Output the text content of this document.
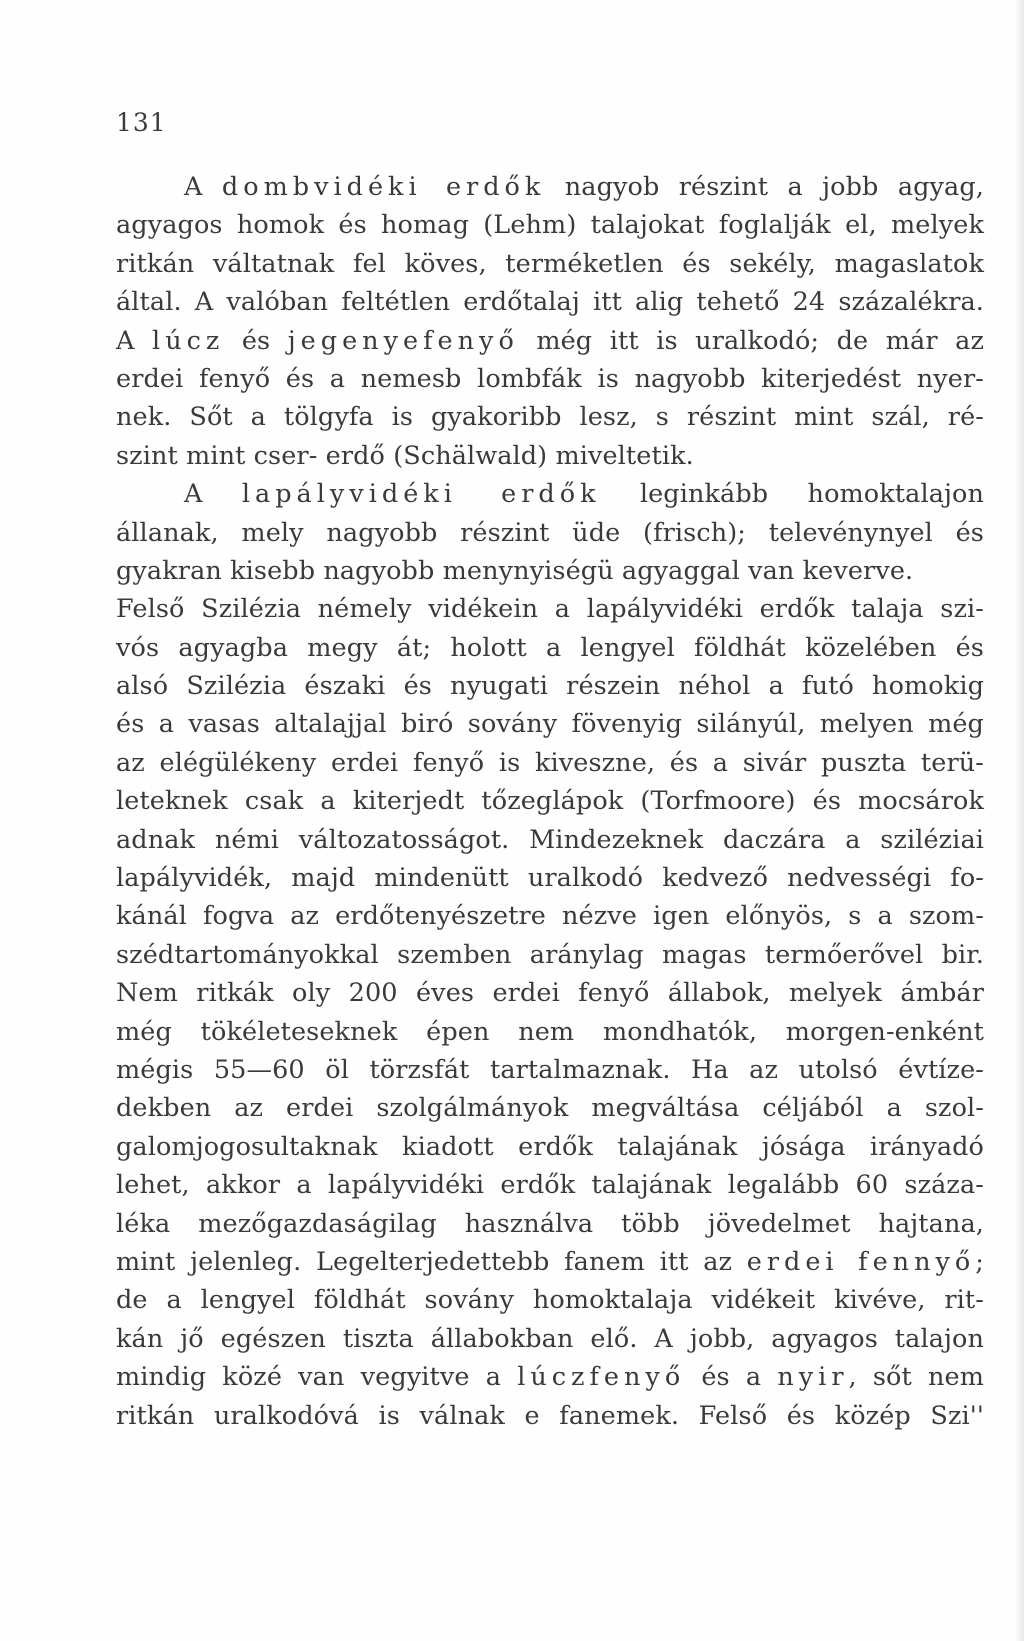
131
A dombvidéki erdők nagyob részint a jobb agyag,
agyagos homok és homag (Lehm) talajokat foglalják el, melyek
ritkán váltatnak fel köves, terméketlen és sekély, magaslatok
által. A valóban feltétlen erdőtalaj itt alig tehető 24 százalékra.
A lúcz és jegenyefenyő még itt is uralkodó; de már az
erdei fenyő és a nemesb lombfák is nagyobb kiterjedést nyer-
nek. Sőt a tölgyfa is gyakoribb lesz, s részint mint szál, ré-
szint mint cser- erdő (Schälwald) miveltetik.
A lapályvidéki erdők leginkább homoktalajon
állanak, mely nagyobb részint üde (frisch); televénynyel és
gyakran kisebb nagyobb menynyiségü agyaggal van keverve.
Felső Szilézia némely vidékein a lapályvidéki erdők talaja szi-
vós agyagba megy át; holott a lengyel földhát közelében és
alsó Szilézia északi és nyugati részein néhol a futó homokig
és a vasas altalajjal biró sovány fövenyig silányúl, melyen még
az elégülékeny erdei fenyő is kiveszne, és a sivár puszta terü-
leteknek csak a kiterjedt tőzeglápok (Torfmoore) és mocsárok
adnak némi változatosságot. Mindezeknek daczára a sziléziai
lapályvidék, majd mindenütt uralkodó kedvező nedvességi fo-
kánál fogva az erdőtenyészetre nézve igen előnyös, s a szom-
szédtartományokkal szemben aránylag magas termőerővel bir.
Nem ritkák oly 200 éves erdei fenyő állabok, melyek ámbár
még tökéleteseknek épen nem mondhatók, morgen-enként
mégis 55—60 öl törzsfát tartalmaznak. Ha az utolsó évtíze-
dekben az erdei szolgálmányok megváltása céljából a szol-
galomjogosultaknak kiadott erdők talajának jósága irányadó
lehet, akkor a lapályvidéki erdők talajának legalább 60 száza-
léka mezőgazdaságilag használva több jövedelmet hajtana,
mint jelenleg. Legelterjedettebb fanem itt az erdei fennyő;
de a lengyel földhát sovány homoktalaja vidékeit kivéve, rit-
kán jő egészen tiszta állabokban elő. A jobb, agyagos talajon
mindig közé van vegyitve a lúczfenyő és a nyir, sőt nem
ritkán uralkodóvá is válnak e fanemek. Felső és közép Szi''
